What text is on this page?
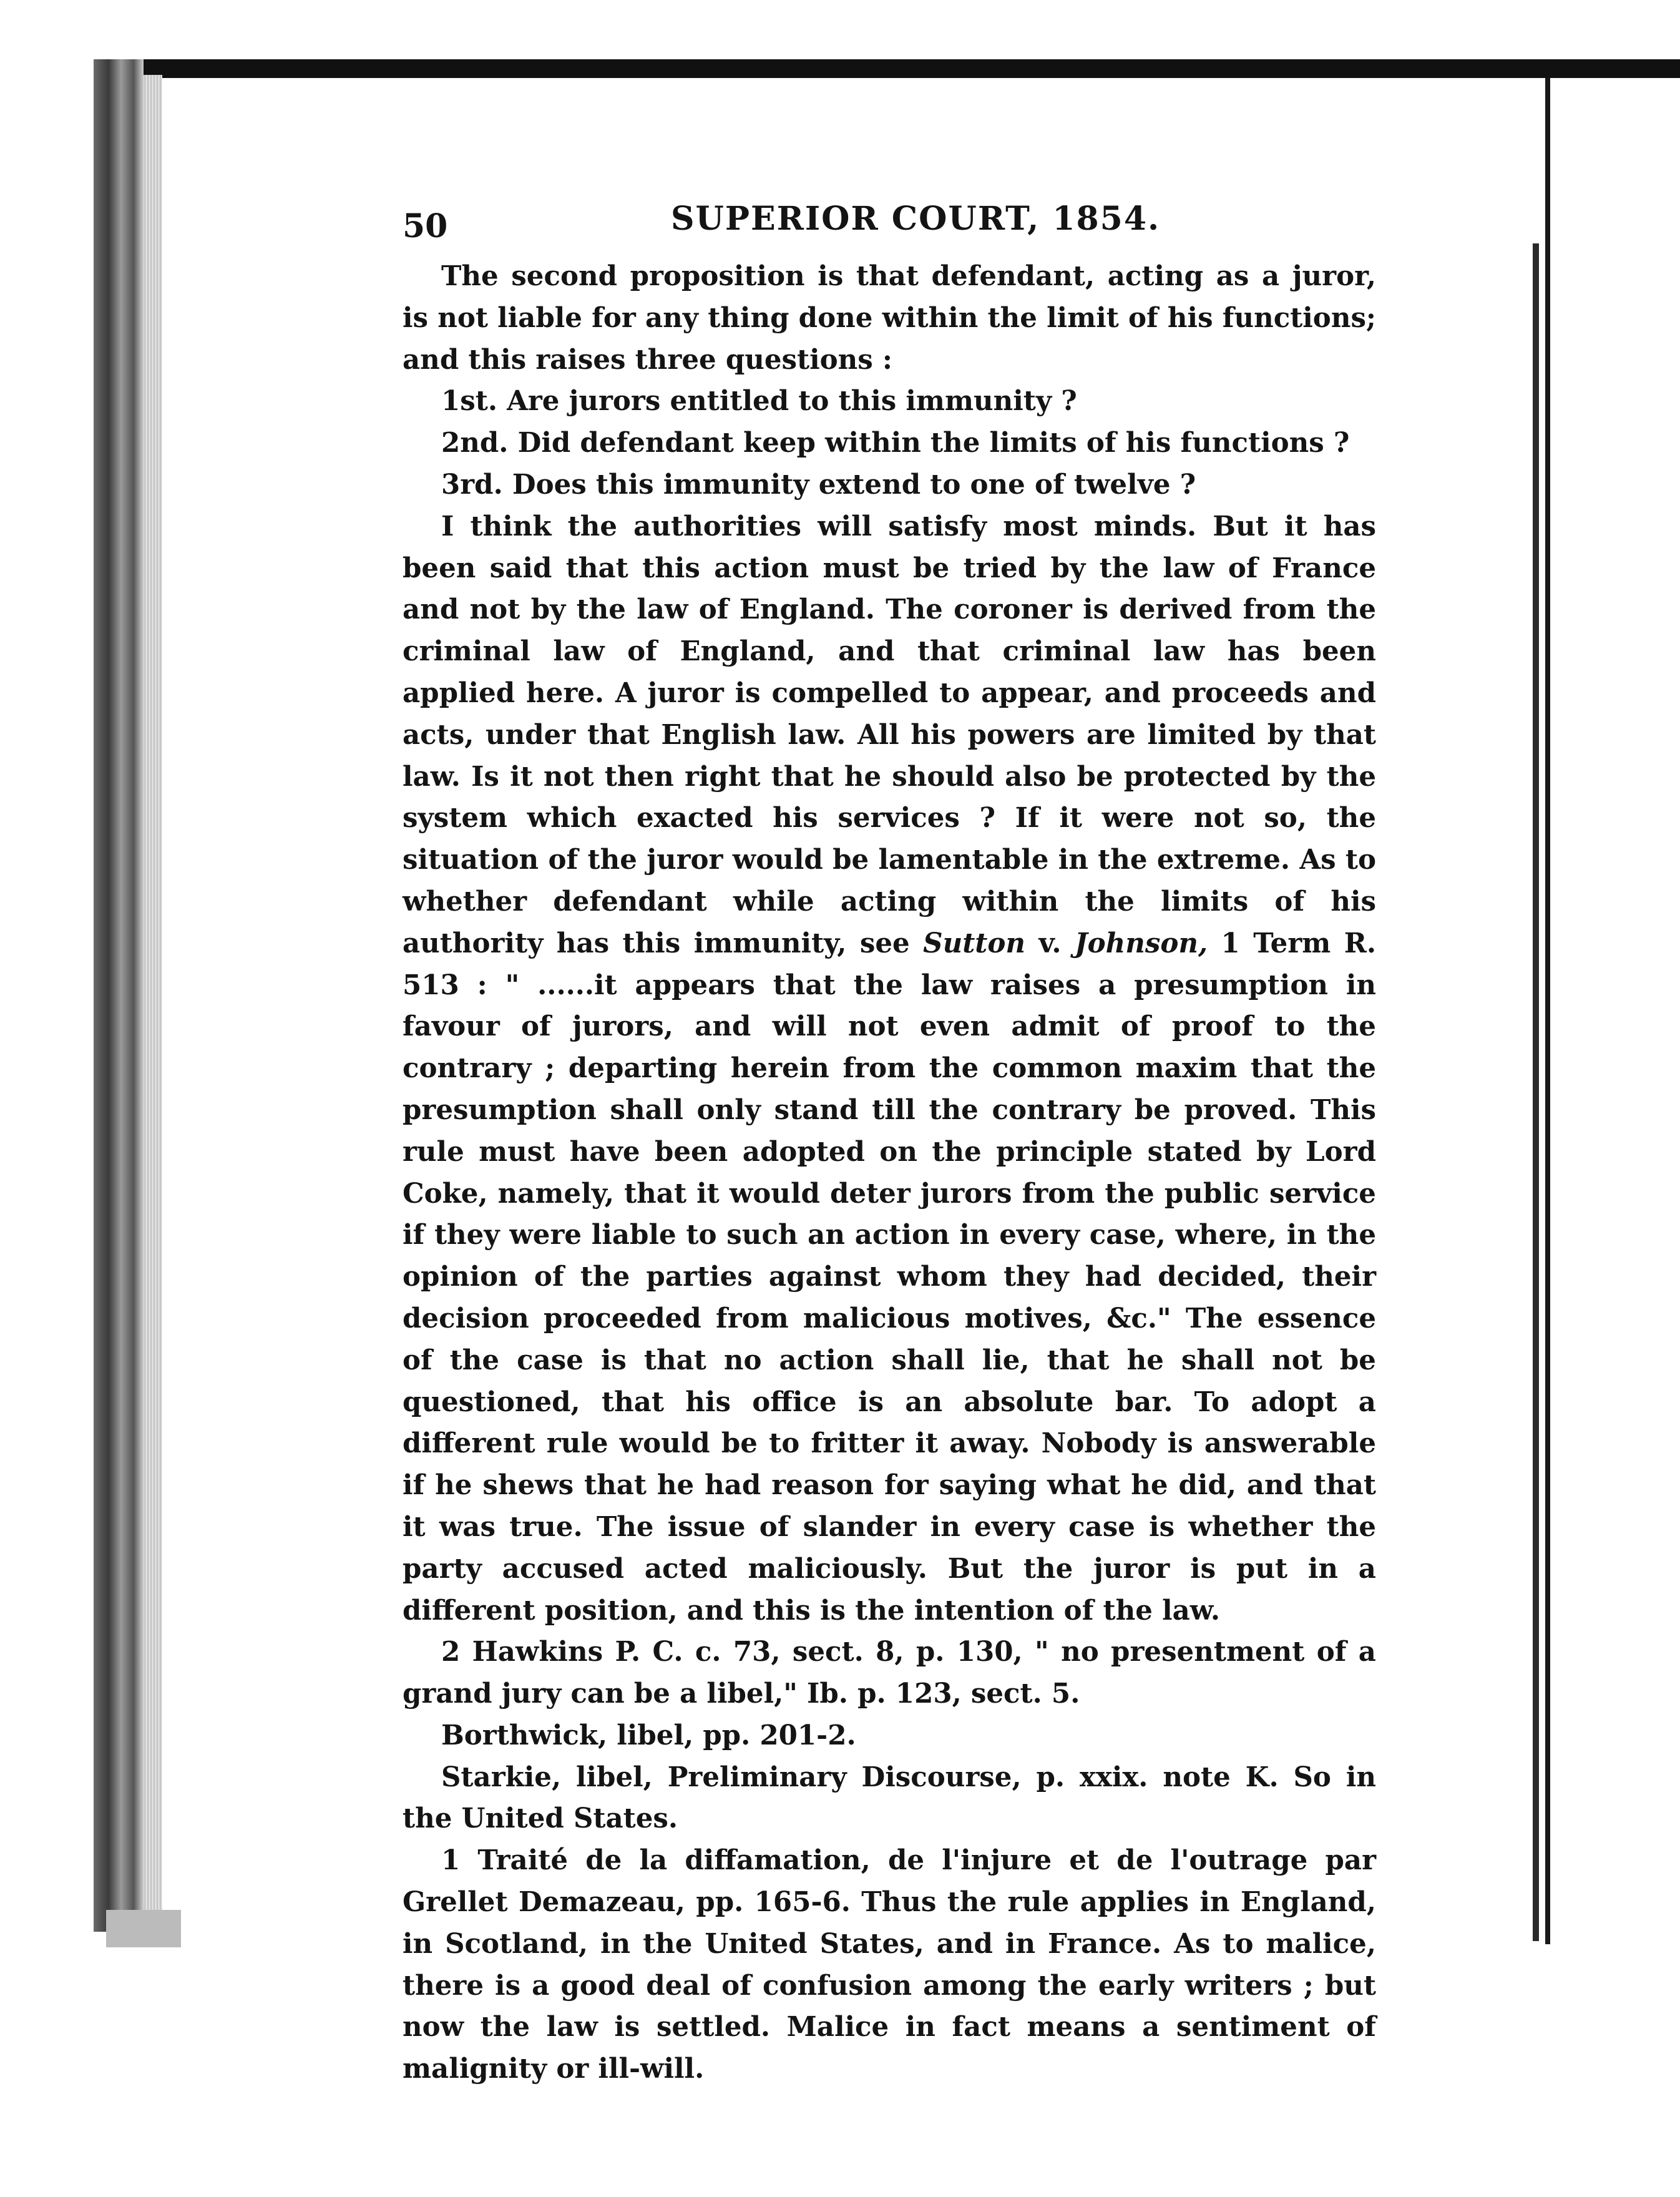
50	SUPERIOR COURT, 1854.

The second proposition is that defendant, acting as a juror, is not liable for any thing done within the limit of his functions; and this raises three questions :

1st. Are jurors entitled to this immunity ?

2nd. Did defendant keep within the limits of his functions ?

3rd. Does this immunity extend to one of twelve ?

I think the authorities will satisfy most minds. But it has been said that this action must be tried by the law of France and not by the law of England. The coroner is derived from the criminal law of England, and that criminal law has been applied here. A juror is compelled to appear, and proceeds and acts, under that English law. All his powers are limited by that law. Is it not then right that he should also be protected by the system which exacted his services ? If it were not so, the situation of the juror would be lamentable in the extreme. As to whether defendant while acting within the limits of his authority has this immunity, see Sutton v. Johnson, 1 Term R. 513 : " ......it appears that the law raises a presumption in favour of jurors, and will not even admit of proof to the contrary ; departing herein from the common maxim that the presumption shall only stand till the contrary be proved. This rule must have been adopted on the principle stated by Lord Coke, namely, that it would deter jurors from the public service if they were liable to such an action in every case, where, in the opinion of the parties against whom they had decided, their decision proceeded from malicious motives, &c." The essence of the case is that no action shall lie, that he shall not be questioned, that his office is an absolute bar. To adopt a different rule would be to fritter it away. Nobody is answerable if he shews that he had reason for saying what he did, and that it was true. The issue of slander in every case is whether the party accused acted maliciously. But the juror is put in a different position, and this is the intention of the law.

2 Hawkins P. C. c. 73, sect. 8, p. 130, " no presentment of a grand jury can be a libel," Ib. p. 123, sect. 5.

Borthwick, libel, pp. 201-2.

Starkie, libel, Preliminary Discourse, p. xxix. note K. So in the United States.

1 Traité de la diffamation, de l'injure et de l'outrage par Grellet Demazeau, pp. 165-6. Thus the rule applies in England, in Scotland, in the United States, and in France. As to malice, there is a good deal of confusion among the early writers ; but now the law is settled. Malice in fact means a sentiment of malignity or ill-will.
